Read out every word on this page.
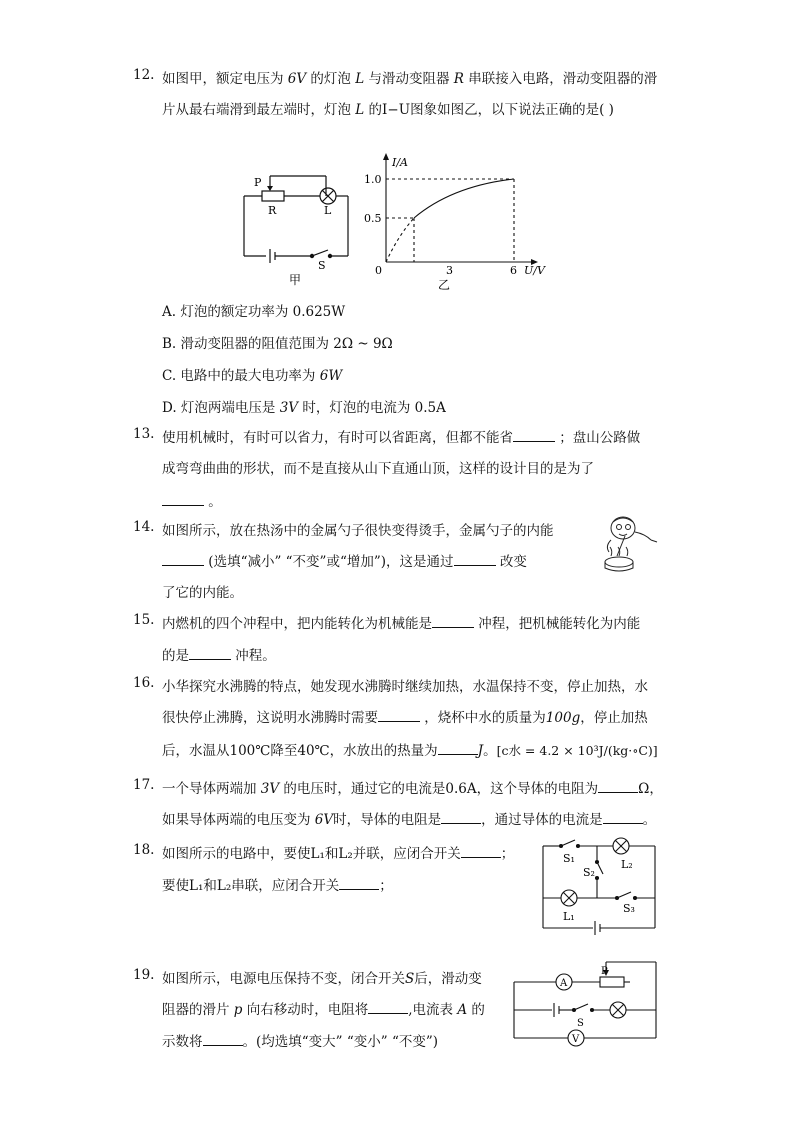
12. 如图甲，额定电压为 6V 的灯泡 L 与滑动变阻器 R 串联接入电路，滑动变阻器的滑
片从最右端滑到最左端时，灯泡 L 的I−U图象如图乙，以下说法正确的是( )
P
R	L
S
甲
I/A
1.0
0.5
0	3	6 U/V
乙
A. 灯泡的额定功率为 0.625W
B. 滑动变阻器的阻值范围为 2Ω ~ 9Ω
C. 电路中的最大电功率为 6W
D. 灯泡两端电压是 3V 时，灯泡的电流为 0.5A
13. 使用机械时，有时可以省力，有时可以省距离，但都不能省	；盘山公路做
成弯弯曲曲的形状，而不是直接从山下直通山顶，这样的设计目的是为了
。
14. 如图所示，放在热汤中的金属勺子很快变得烫手，金属勺子的内能
(选填“减小” “不变”或“增加”)，这是通过	改变
了它的内能。
15. 内燃机的四个冲程中，把内能转化为机械能是	冲程，把机械能转化为内能
的是	冲程。
16. 小华探究水沸腾的特点，她发现水沸腾时继续加热，水温保持不变，停止加热，水
很快停止沸腾，这说明水沸腾时需要	，烧杯中水的质量为100g，停止加热
后，水温从100℃降至40℃，水放出的热量为	J。[c水 = 4.2 × 10³J/(kg·∘C)]
17. 一个导体两端加 3V 的电压时，通过它的电流是0.6A，这个导体的电阻为	Ω，
如果导体两端的电压变为 6V时，导体的电阻是	，通过导体的电流是	。
18. 如图所示的电路中，要使L₁和L₂并联，应闭合开关	；
要使L₁和L₂串联，应闭合开关	；
S₁
S₂
L₂
L₁
S₃
19. 如图所示，电源电压保持不变，闭合开关S后，滑动变
阻器的滑片 p 向右移动时，电阻将	,电流表 A 的
示数将	。(均选填“变大” “变小” “不变”)
A
P
S
V
